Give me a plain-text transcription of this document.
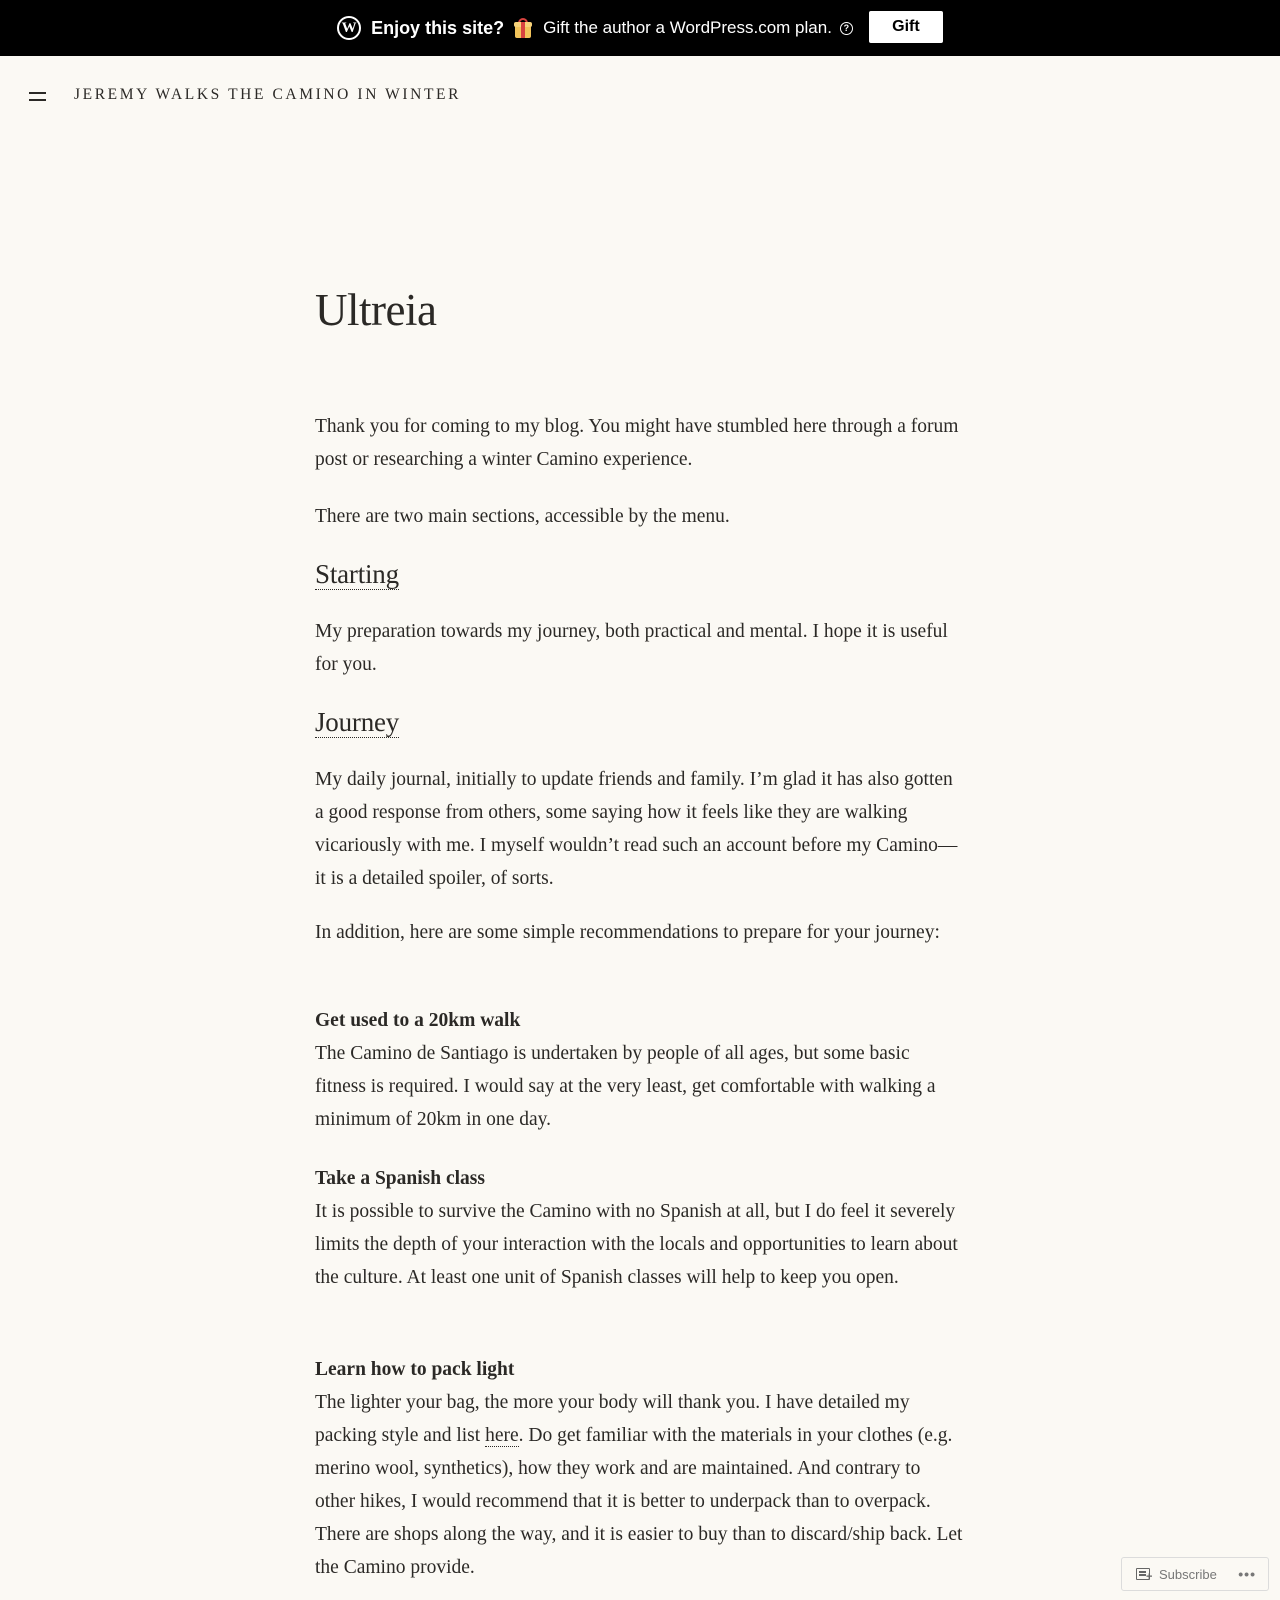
W Enjoy this site? Gift the author a WordPress.com plan.	?	Gift
JEREMY WALKS THE CAMINO IN WINTER
Ultreia

Thank you for coming to my blog. You might have stumbled here through a forum post or researching a winter Camino experience.

There are two main sections, accessible by the menu.

Starting

My preparation towards my journey, both practical and mental. I hope it is useful for you.

Journey

My daily journal, initially to update friends and family. I’m glad it has also gotten a good response from others, some saying how it feels like they are walking vicariously with me. I myself wouldn’t read such an account before my Camino—it is a detailed spoiler, of sorts.

In addition, here are some simple recommendations to prepare for your journey:

Get used to a 20km walk

The Camino de Santiago is undertaken by people of all ages, but some basic fitness is required. I would say at the very least, get comfortable with walking a minimum of 20km in one day.

Take a Spanish class

It is possible to survive the Camino with no Spanish at all, but I do feel it severely limits the depth of your interaction with the locals and opportunities to learn about the culture. At least one unit of Spanish classes will help to keep you open.

Learn how to pack light

The lighter your bag, the more your body will thank you. I have detailed my packing style and list here. Do get familiar with the materials in your clothes (e.g. merino wool, synthetics), how they work and are maintained. And contrary to other hikes, I would recommend that it is better to underpack than to overpack. There are shops along the way, and it is easier to buy than to discard/ship back. Let the Camino provide. +	Subscribe •••
